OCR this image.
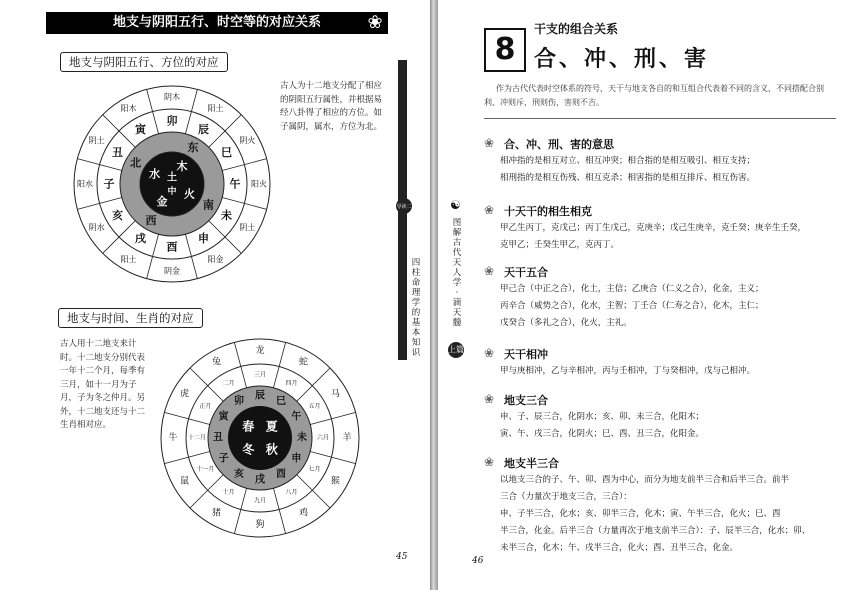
地支与阴阳五行、时空等的对应关系	❀
地支与阴阳五行、方位的对应
寅
卯
辰
巳
午
未
申
酉
戌
亥
子
丑
阳木
阴木
阳土
阴火
阳火
阴土
阳金
阴金
阳土
阴水
阳水
阴土
东
南
西
北	木
火
金
水 土
中
古人为十二地支分配了相应的阴阳五行属性，并根据易经八卦得了相应的方位。如子属阴，属水，方位为北。
地支与时间、生肖的对应
寅
卯
辰
巳
午
未
申
酉
戌
亥
子
丑
正月
二月
三月
四月
五月
六月
七月
八月
九月
十月
十一月
十二月
虎
兔
龙
蛇
马
羊
猴
鸡
狗
猪
鼠
牛
春 夏
秋
冬
古人用十二地支来计时。十二地支分别代表一年十二个月，每季有三月，如十一月为子月，子为冬之仲月。另外，十二地支还与十二生肖相对应。
导读二
四柱命理学的基本知识
45
8
干支的组合关系
合、冲、刑、害
作为古代代表时空体系的符号，天干与地支各自的和互组合代表着不同的含义，不同搭配合别利、冲则斥，刑则伤，害则不吉。
☯
图解古代天人学·滴天髓
上篇
❀ 合、冲、刑、害的意思
相冲指的是相互对立、相互冲突；相合指的是相互吸引、相互支持；
相刑指的是相互伤残、相互克杀；相害指的是相互排斥、相互伤害。
❀ 十天干的相生相克
甲乙生丙丁，克戊己；丙丁生戊己，克庚辛；戊己生庚辛，克壬癸；庚辛生壬癸，
克甲乙；壬癸生甲乙，克丙丁。
❀ 天干五合
甲己合（中正之合），化土，主信；乙庚合（仁义之合），化金，主义；
丙辛合（威势之合），化水，主智；丁壬合（仁寿之合），化木，主仁；
戊癸合（多礼之合），化火，主礼。
❀ 天干相冲
甲与庚相冲，乙与辛相冲，丙与壬相冲，丁与癸相冲，戊与己相冲。
❀ 地支三合
申、子、辰三合，化阴水；亥、卯、未三合，化阳木；
寅、午、戌三合，化阴火；巳、酉、丑三合，化阳金。
❀ 地支半三合
以地支三合的子、午、卯、酉为中心，而分为地支前半三合和后半三合。前半
三合（力量次于地支三合，三合）：
申、子半三合，化水；亥、卯半三合，化木；寅、午半三合，化火；巳、酉
半三合，化金。后半三合（力量再次于地支前半三合）：子、辰半三合，化水；卯、
未半三合，化木；午、戌半三合，化火；酉、丑半三合，化金。
46
